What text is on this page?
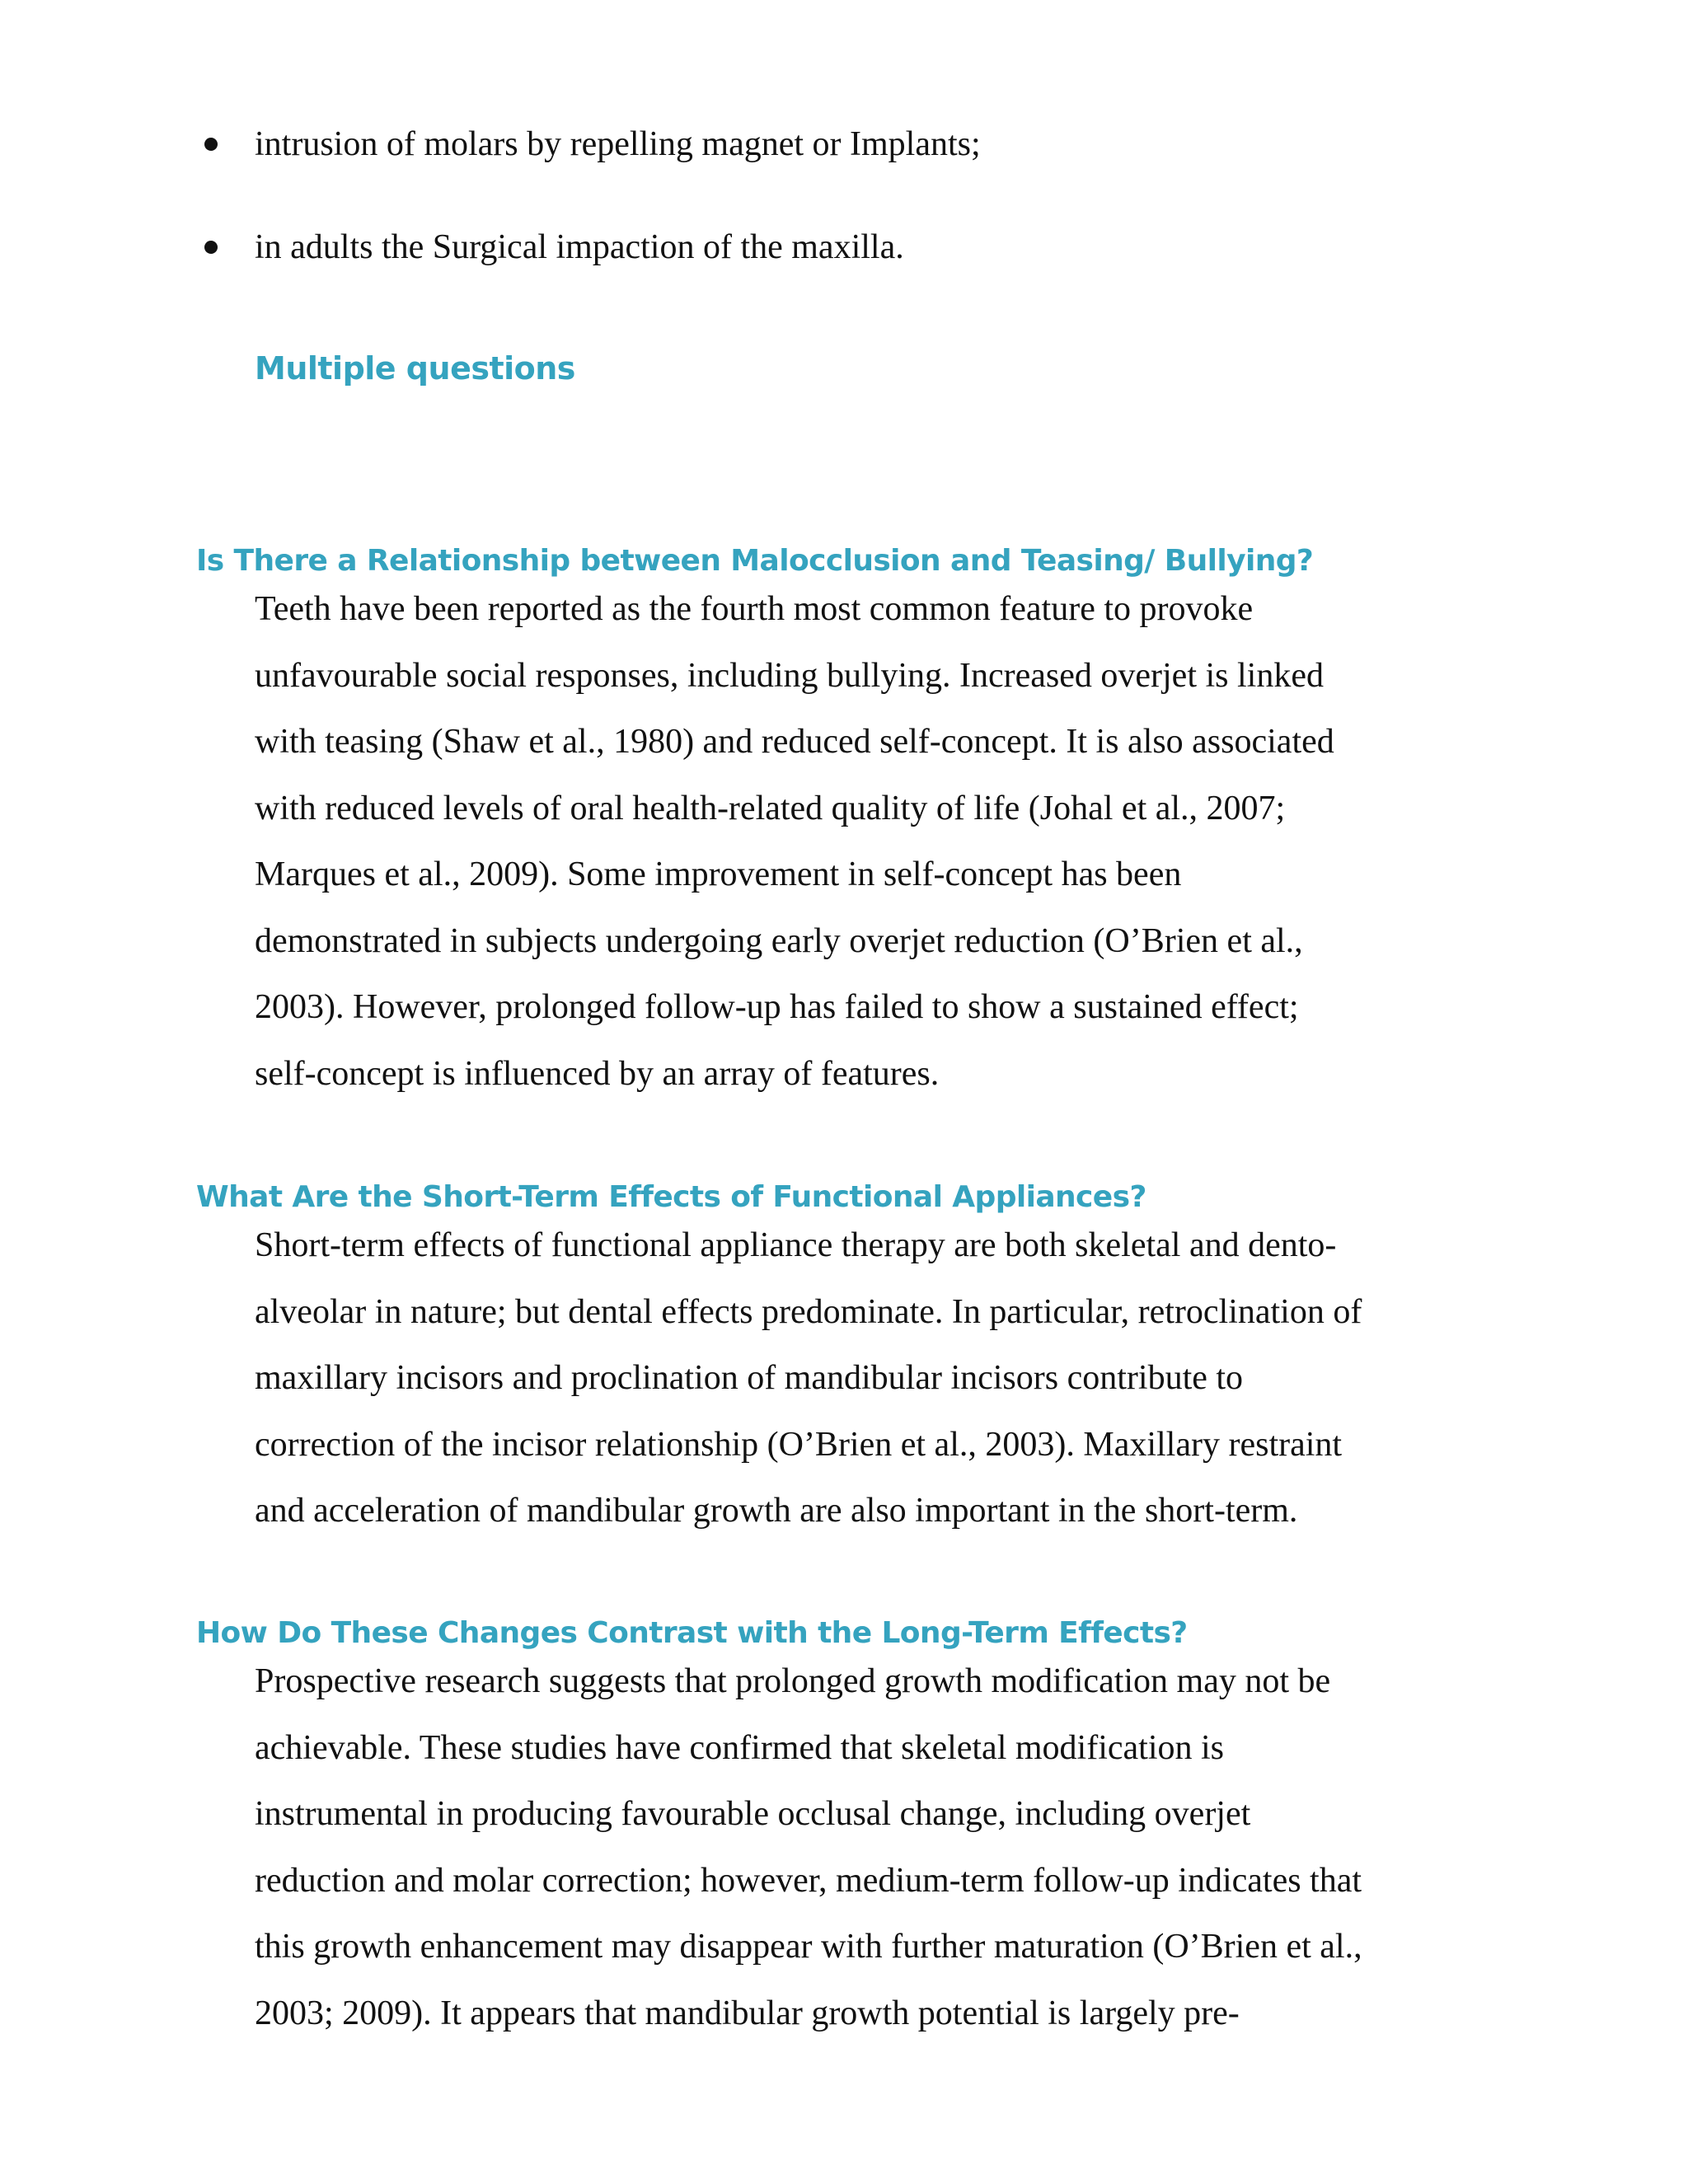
intrusion of molars by repelling magnet or Implants;
in adults the Surgical impaction of the maxilla.
Multiple questions
Is There a Relationship between Malocclusion and Teasing/ Bullying?
Teeth have been reported as the fourth most common feature to provoke
unfavourable social responses, including bullying. Increased overjet is linked
with teasing (Shaw et al., 1980) and reduced self-concept. It is also associated
with reduced levels of oral health-related quality of life (Johal et al., 2007;
Marques et al., 2009). Some improvement in self-concept has been
demonstrated in subjects undergoing early overjet reduction (O’Brien et al.,
2003). However, prolonged follow-up has failed to show a sustained effect;
self-concept is influenced by an array of features.
What Are the Short-Term Effects of Functional Appliances?
Short-term effects of functional appliance therapy are both skeletal and dento-
alveolar in nature; but dental effects predominate. In particular, retroclination of
maxillary incisors and proclination of mandibular incisors contribute to
correction of the incisor relationship (O’Brien et al., 2003). Maxillary restraint
and acceleration of mandibular growth are also important in the short-term.
How Do These Changes Contrast with the Long-Term Effects?
Prospective research suggests that prolonged growth modification may not be
achievable. These studies have confirmed that skeletal modification is
instrumental in producing favourable occlusal change, including overjet
reduction and molar correction; however, medium-term follow-up indicates that
this growth enhancement may disappear with further maturation (O’Brien et al.,
2003; 2009). It appears that mandibular growth potential is largely pre-
